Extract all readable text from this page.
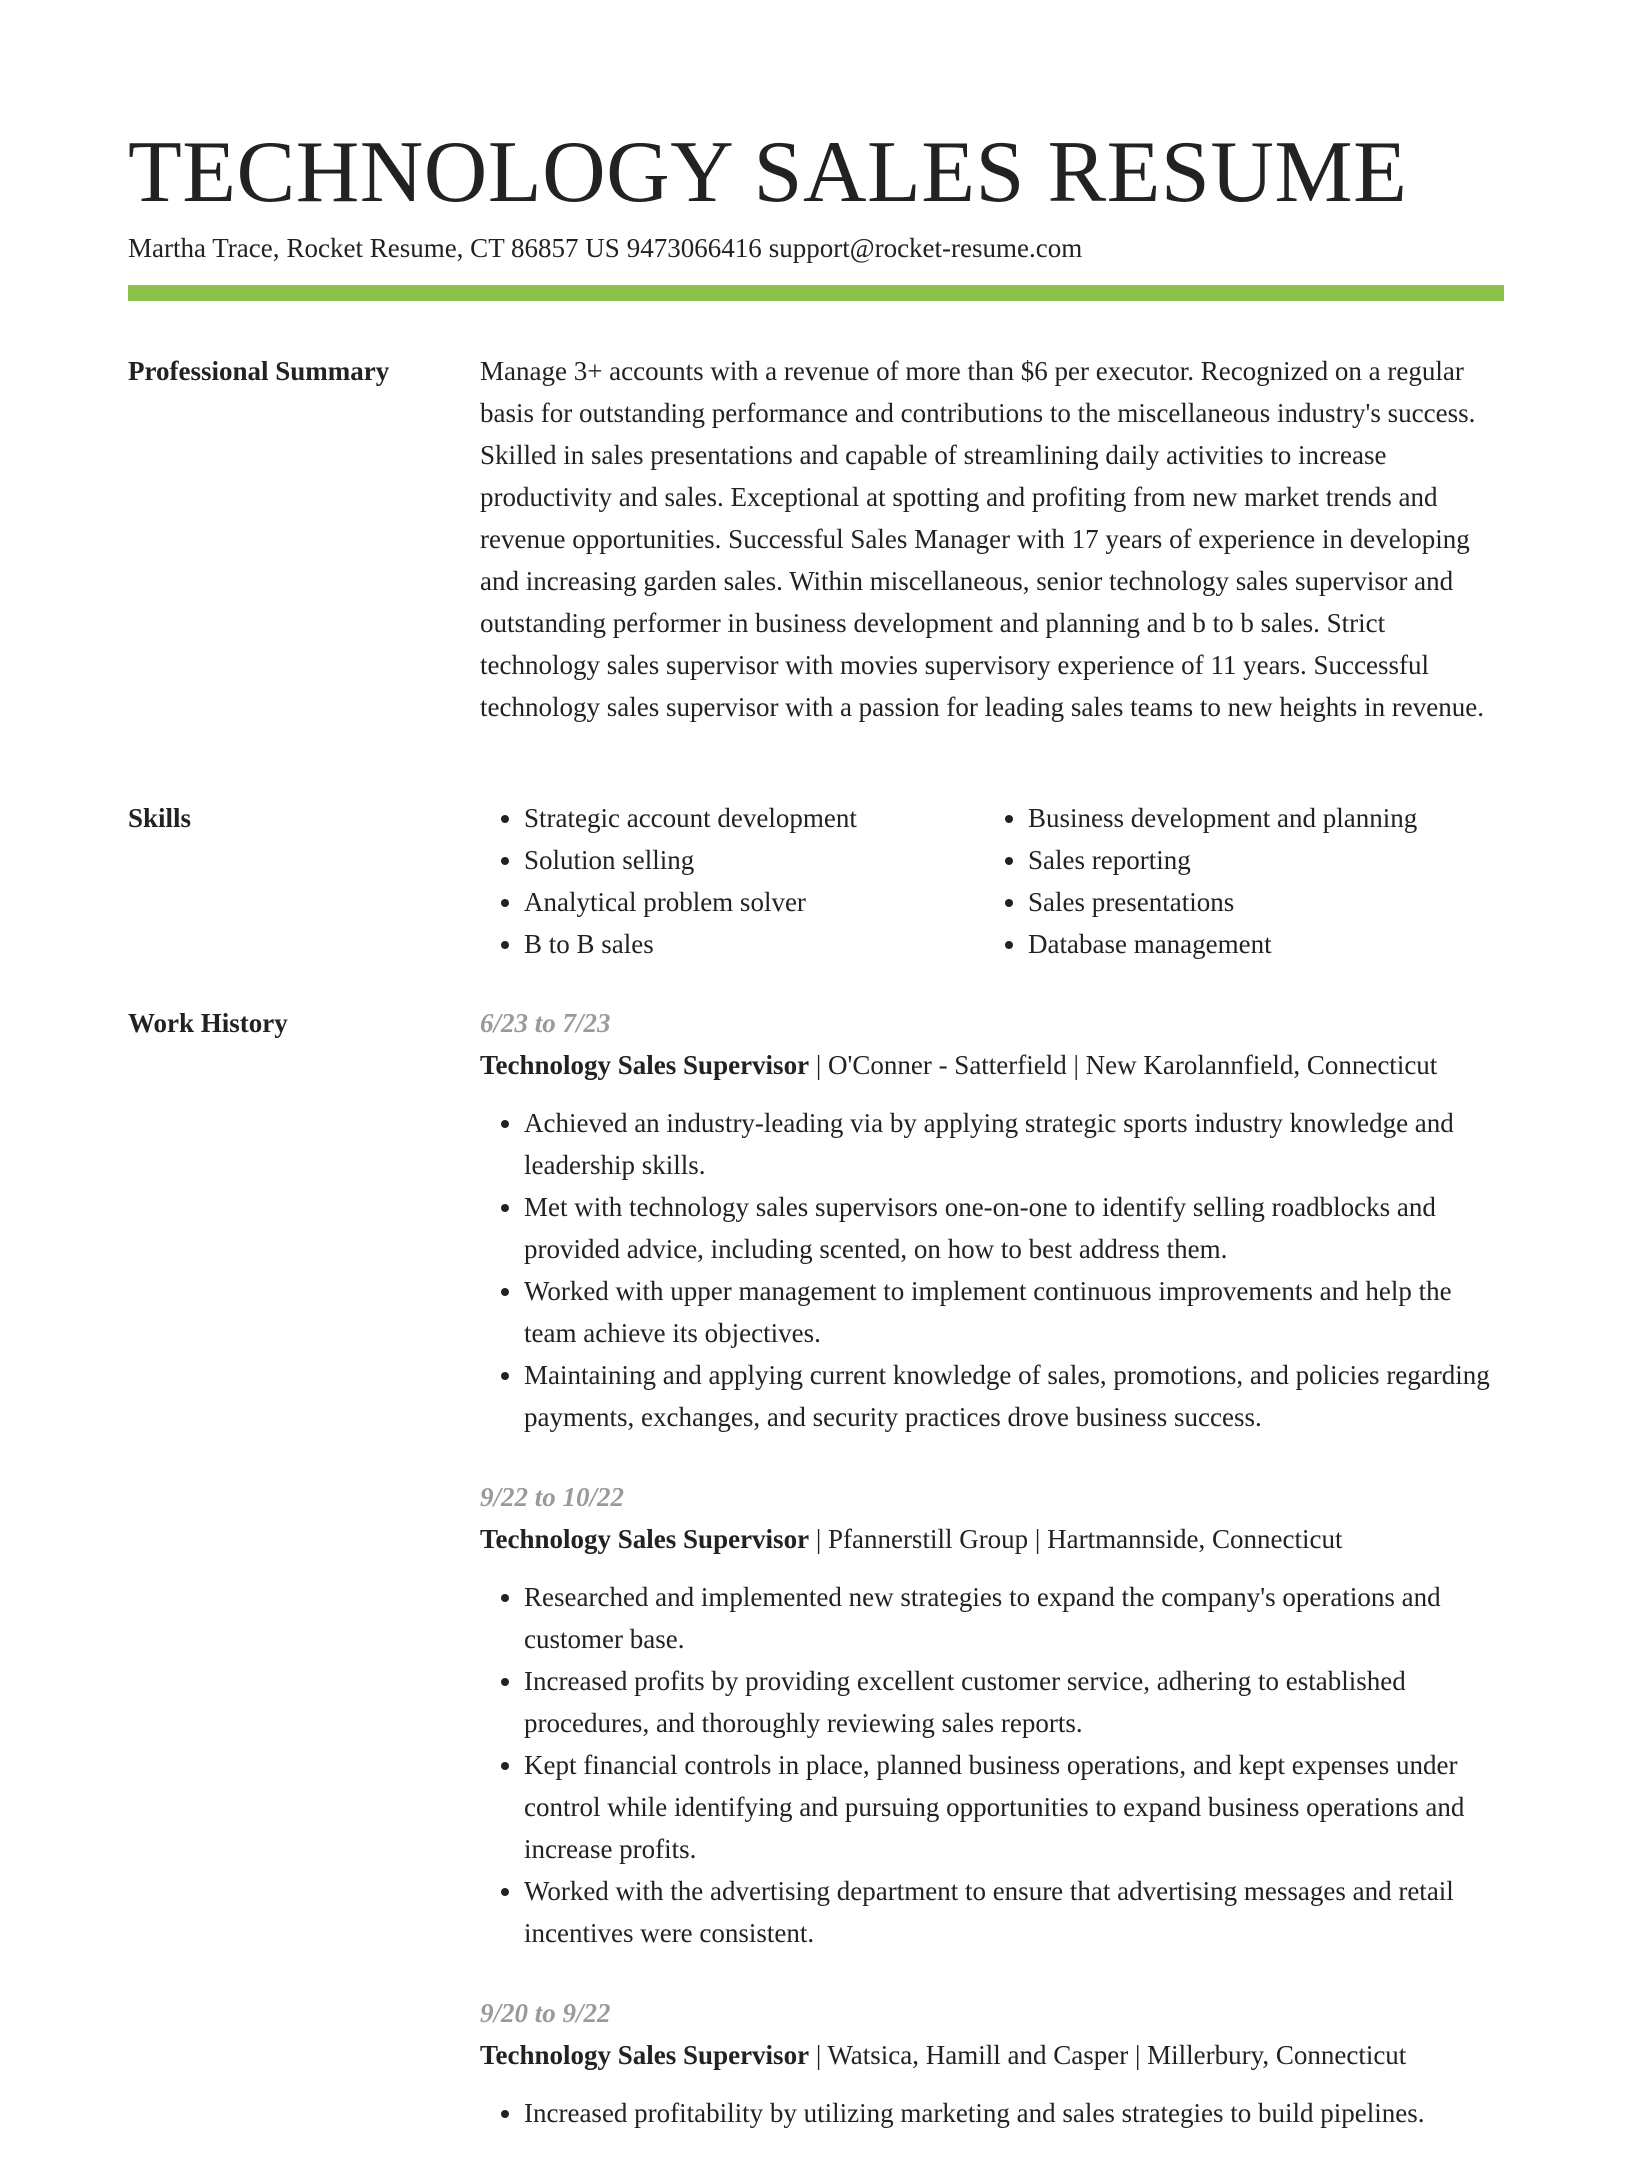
TECHNOLOGY SALES RESUME
Martha Trace, Rocket Resume, CT 86857 US 9473066416 support@rocket-resume.com
Professional Summary	Manage 3+ accounts with a revenue of more than $6 per executor. Recognized on a regular basis for outstanding performance and contributions to the miscellaneous industry's success. Skilled in sales presentations and capable of streamlining daily activities to increase productivity and sales. Exceptional at spotting and profiting from new market trends and revenue opportunities. Successful Sales Manager with 17 years of experience in developing and increasing garden sales. Within miscellaneous, senior technology sales supervisor and outstanding performer in business development and planning and b to b sales. Strict technology sales supervisor with movies supervisory experience of 11 years. Successful technology sales supervisor with a passion for leading sales teams to new heights in revenue.

Skills
•	Strategic account development
• Solution selling
• Analytical problem solver
• B to B sales
• Business development and planning
• Sales reporting
• Sales presentations
• Database management
Work History	6/23 to 7/23
Technology Sales Supervisor | O'Conner - Satterfield | New Karolannfield, Connecticut
• Achieved an industry-leading via by applying strategic sports industry knowledge and leadership skills.
• Met with technology sales supervisors one-on-one to identify selling roadblocks and provided advice, including scented, on how to best address them.
• Worked with upper management to implement continuous improvements and help the team achieve its objectives.
• Maintaining and applying current knowledge of sales, promotions, and policies regarding payments, exchanges, and security practices drove business success.
9/22 to 10/22
Technology Sales Supervisor | Pfannerstill Group | Hartmannside, Connecticut
• Researched and implemented new strategies to expand the company's operations and customer base.
• Increased profits by providing excellent customer service, adhering to established procedures, and thoroughly reviewing sales reports.
• Kept financial controls in place, planned business operations, and kept expenses under control while identifying and pursuing opportunities to expand business operations and increase profits.
• Worked with the advertising department to ensure that advertising messages and retail incentives were consistent.
9/20 to 9/22
Technology Sales Supervisor | Watsica, Hamill and Casper | Millerbury, Connecticut
• Increased profitability by utilizing marketing and sales strategies to build pipelines.
